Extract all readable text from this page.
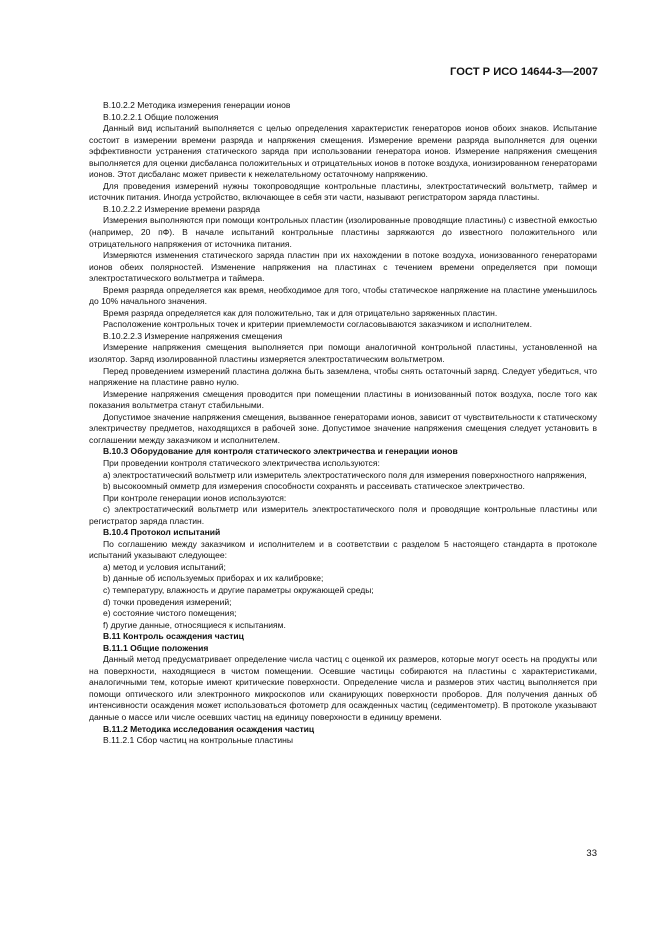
ГОСТ Р ИСО 14644-3—2007

В.10.2.2 Методика измерения генерации ионов

В.10.2.2.1 Общие положения

Данный вид испытаний выполняется с целью определения характеристик генераторов ионов обоих знаков. Испытание состоит в измерении времени разряда и напряжения смещения. Измерение времени разряда выполняется для оценки эффективности устранения статического заряда при использовании генератора ионов. Измерение напряжения смещения выполняется для оценки дисбаланса положительных и отрицательных ионов в потоке воздуха, ионизированном генераторами ионов. Этот дисбаланс может привести к нежелательному остаточному напряжению.

Для проведения измерений нужны токопроводящие контрольные пластины, электростатический вольтметр, таймер и источник питания. Иногда устройство, включающее в себя эти части, называют регистратором заряда пластины.

В.10.2.2.2 Измерение времени разряда

Измерения выполняются при помощи контрольных пластин (изолированные проводящие пластины) с известной емкостью (например, 20 пФ). В начале испытаний контрольные пластины заряжаются до известного положительного или отрицательного напряжения от источника питания.

Измеряются изменения статического заряда пластин при их нахождении в потоке воздуха, ионизованного генераторами ионов обеих полярностей. Изменение напряжения на пластинах с течением времени определяется при помощи электростатического вольтметра и таймера.

Время разряда определяется как время, необходимое для того, чтобы статическое напряжение на пластине уменьшилось до 10% начального значения.

Время разряда определяется как для положительно, так и для отрицательно заряженных пластин.

Расположение контрольных точек и критерии приемлемости согласовываются заказчиком и исполнителем.

В.10.2.2.3 Измерение напряжения смещения

Измерение напряжения смещения выполняется при помощи аналогичной контрольной пластины, установленной на изолятор. Заряд изолированной пластины измеряется электростатическим вольтметром.

Перед проведением измерений пластина должна быть заземлена, чтобы снять остаточный заряд. Следует убедиться, что напряжение на пластине равно нулю.

Измерение напряжения смещения проводится при помещении пластины в ионизованный поток воздуха, после того как показания вольтметра станут стабильными.

Допустимое значение напряжения смещения, вызванное генераторами ионов, зависит от чувствительности к статическому электричеству предметов, находящихся в рабочей зоне. Допустимое значение напряжения смещения следует установить в соглашении между заказчиком и исполнителем.

В.10.3 Оборудование для контроля статического электричества и генерации ионов

При проведении контроля статического электричества используются:

a) электростатический вольтметр или измеритель электростатического поля для измерения поверхностного напряжения,

b) высокоомный омметр для измерения способности сохранять и рассеивать статическое электричество.

При контроле генерации ионов используются:

c) электростатический вольтметр или измеритель электростатического поля и проводящие контрольные пластины или регистратор заряда пластин.

В.10.4 Протокол испытаний

По соглашению между заказчиком и исполнителем и в соответствии с разделом 5 настоящего стандарта в протоколе испытаний указывают следующее:

a) метод и условия испытаний;

b) данные об используемых приборах и их калибровке;

c) температуру, влажность и другие параметры окружающей среды;

d) точки проведения измерений;

e) состояние чистого помещения;

f) другие данные, относящиеся к испытаниям.

В.11 Контроль осаждения частиц

В.11.1 Общие положения

Данный метод предусматривает определение числа частиц с оценкой их размеров, которые могут осесть на продукты или на поверхности, находящиеся в чистом помещении. Осевшие частицы собираются на пластины с характеристиками, аналогичными тем, которые имеют критические поверхности. Определение числа и размеров этих частиц выполняется при помощи оптического или электронного микроскопов или сканирующих поверхности проборов. Для получения данных об интенсивности осаждения может использоваться фотометр для осажденных частиц (седиментометр). В протоколе указывают данные о массе или числе осевших частиц на единицу поверхности в единицу времени.

В.11.2 Методика исследования осаждения частиц

В.11.2.1 Сбор частиц на контрольные пластины

33
